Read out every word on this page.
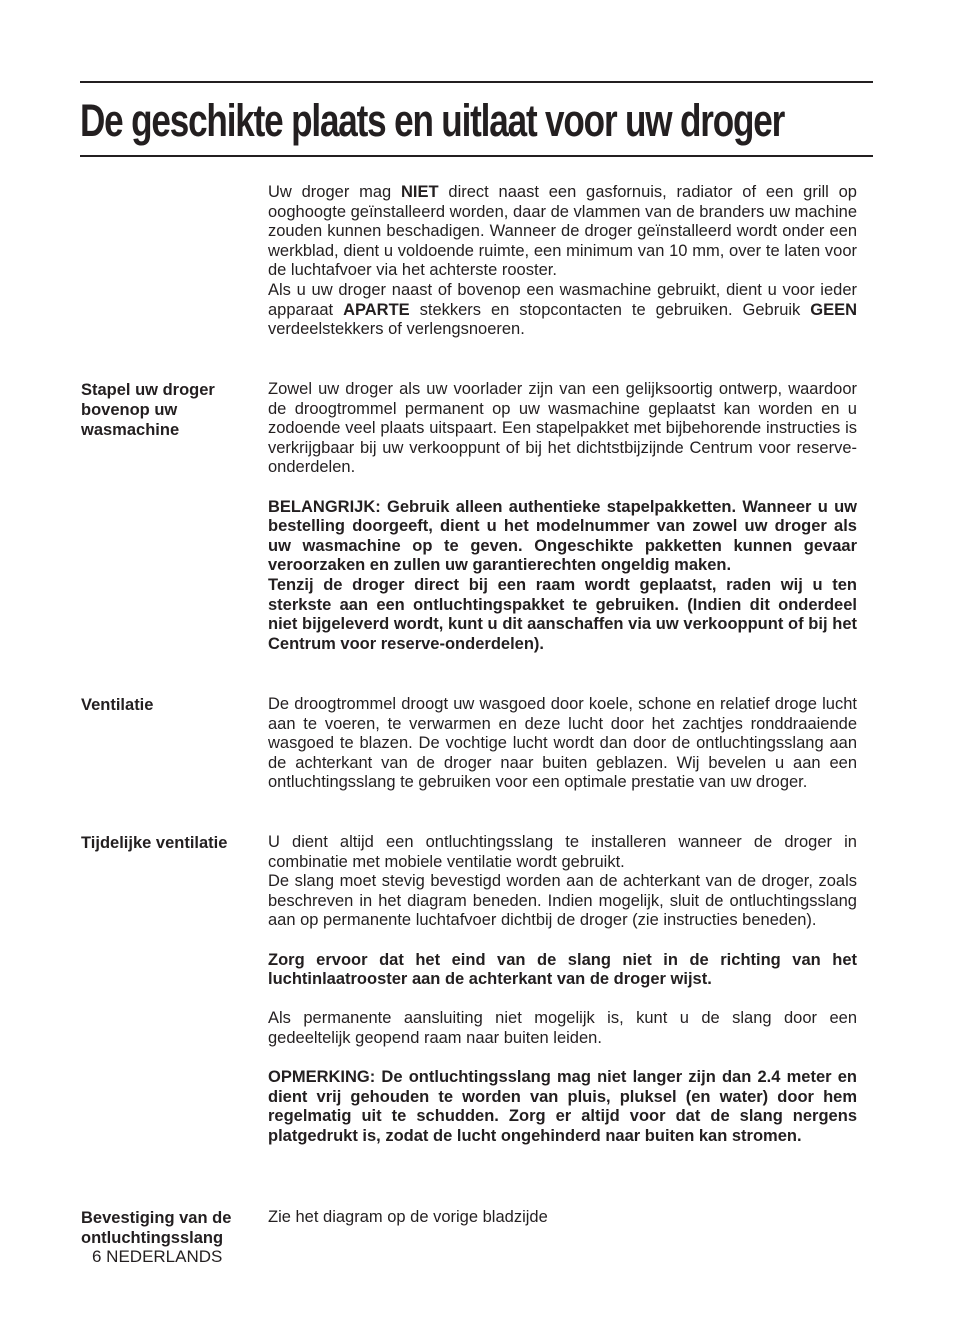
De geschikte plaats en uitlaat voor uw droger

Uw droger mag NIET direct naast een gasfornuis, radiator of een grill op ooghoogte geïnstalleerd worden, daar de vlammen van de branders uw machine zouden kunnen beschadigen. Wanneer de droger geïnstalleerd wordt onder een werkblad, dient u voldoende ruimte, een minimum van 10 mm, over te laten voor de luchtafvoer via het achterste rooster.

Als u uw droger naast of bovenop een wasmachine gebruikt, dient u voor ieder apparaat APARTE stekkers en stopcontacten te gebruiken. Gebruik GEEN verdeelstekkers of verlengsnoeren.

Stapel uw droger bovenop uw wasmachine

Zowel uw droger als uw voorlader zijn van een gelijksoortig ontwerp, waardoor de droogtrommel permanent op uw wasmachine geplaatst kan worden en u zodoende veel plaats uitspaart. Een stapelpakket met bijbehorende instructies is verkrijgbaar bij uw verkooppunt of bij het dichtstbijzijnde Centrum voor reserve-onderdelen.

BELANGRIJK: Gebruik alleen authentieke stapelpakketten. Wanneer u uw bestelling doorgeeft, dient u het modelnummer van zowel uw droger als uw wasmachine op te geven. Ongeschikte pakketten kunnen gevaar veroorzaken en zullen uw garantierechten ongeldig maken.

Tenzij de droger direct bij een raam wordt geplaatst, raden wij u ten sterkste aan een ontluchtingspakket te gebruiken. (Indien dit onderdeel niet bijgeleverd wordt, kunt u dit aanschaffen via uw verkooppunt of bij het Centrum voor reserve-onderdelen).

Ventilatie	De droogtrommel droogt uw wasgoed door koele, schone en relatief droge lucht aan te voeren, te verwarmen en deze lucht door het zachtjes ronddraaiende wasgoed te blazen. De vochtige lucht wordt dan door de ontluchtingsslang aan de achterkant van de droger naar buiten geblazen. Wij bevelen u aan een ontluchtingsslang te gebruiken voor een optimale prestatie van uw droger.

Tijdelijke ventilatie	U dient altijd een ontluchtingsslang te installeren wanneer de droger in combinatie met mobiele ventilatie wordt gebruikt.

De slang moet stevig bevestigd worden aan de achterkant van de droger, zoals beschreven in het diagram beneden. Indien mogelijk, sluit de ontluchtingsslang aan op permanente luchtafvoer dichtbij de droger (zie instructies beneden).

Zorg ervoor dat het eind van de slang niet in de richting van het luchtinlaatrooster aan de achterkant van de droger wijst.

Als permanente aansluiting niet mogelijk is, kunt u de slang door een gedeeltelijk geopend raam naar buiten leiden.

OPMERKING: De ontluchtingsslang mag niet langer zijn dan 2.4 meter en dient vrij gehouden te worden van pluis, pluksel (en water) door hem regelmatig uit te schudden. Zorg er altijd voor dat de slang nergens platgedrukt is, zodat de lucht ongehinderd naar buiten kan stromen.

Bevestiging van de ontluchtingsslang

Zie het diagram op de vorige bladzijde

6 NEDERLANDS
